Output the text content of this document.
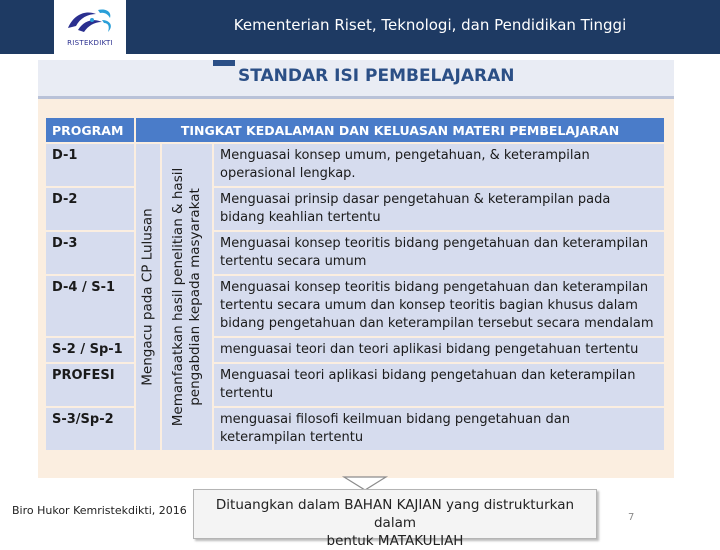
RISTEKDIKTI
Kementerian Riset, Teknologi, dan Pendidikan Tinggi
STANDAR ISI PEMBELAJARAN
PROGRAM	TINGKAT KEDALAMAN DAN KELUASAN MATERI PEMBELAJARAN		
D-1	Mengacu pada CP Lulusan	Memanfaatkan hasil penelitian & hasil pengabdian kepada masyarakat	Menguasai konsep umum, pengetahuan, & keterampilan operasional lengkap.
D-2			Menguasai prinsip dasar pengetahuan & keterampilan pada bidang keahlian tertentu
D-3			Menguasai konsep teoritis bidang pengetahuan dan keterampilan tertentu secara umum
D-4 / S-1			Menguasai konsep teoritis bidang pengetahuan dan keterampilan tertentu secara umum dan konsep teoritis bagian khusus dalam bidang pengetahuan dan keterampilan tersebut secara mendalam
S-2 / Sp-1			menguasai teori dan teori aplikasi bidang pengetahuan tertentu
PROFESI			Menguasai teori aplikasi bidang pengetahuan dan keterampilan tertentu
S-3/Sp-2			menguasai filosofi keilmuan bidang pengetahuan dan keterampilan tertentu
Dituangkan dalam BAHAN KAJIAN yang distrukturkan dalam
bentuk MATAKULIAH
Biro Hukor Kemristekdikti, 2016
7
